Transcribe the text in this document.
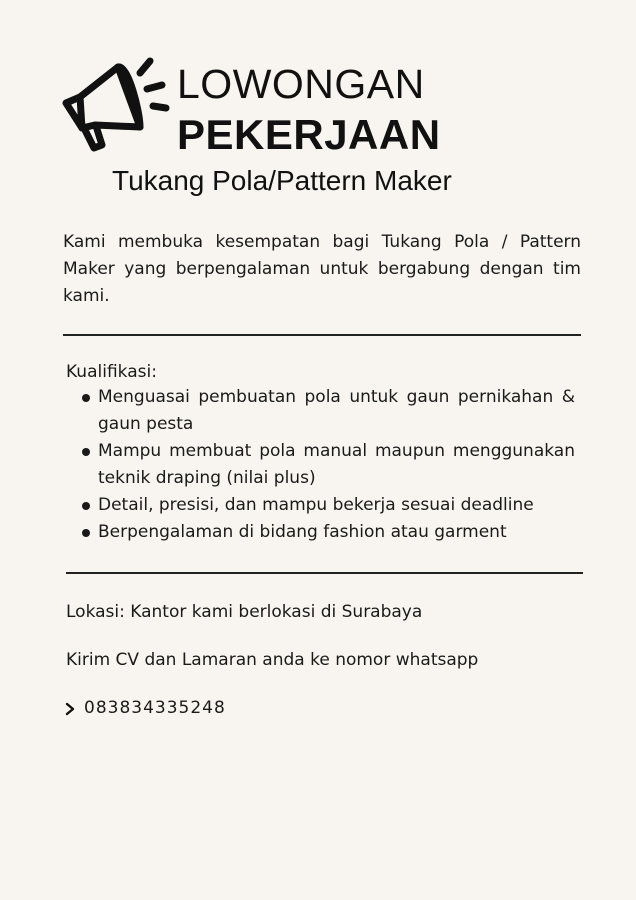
LOWONGAN
PEKERJAAN
Tukang Pola/Pattern Maker

Kami membuka kesempatan bagi Tukang Pola / Pattern Maker yang berpengalaman untuk bergabung dengan tim kami.

Kualifikasi:

Menguasai pembuatan pola untuk gaun pernikahan & gaun pesta
Mampu membuat pola manual maupun menggunakan teknik draping (nilai plus)
Detail, presisi, dan mampu bekerja sesuai deadline
Berpengalaman di bidang fashion atau garment

Lokasi: Kantor kami berlokasi di Surabaya

Kirim CV dan Lamaran anda ke nomor whatsapp

083834335248
